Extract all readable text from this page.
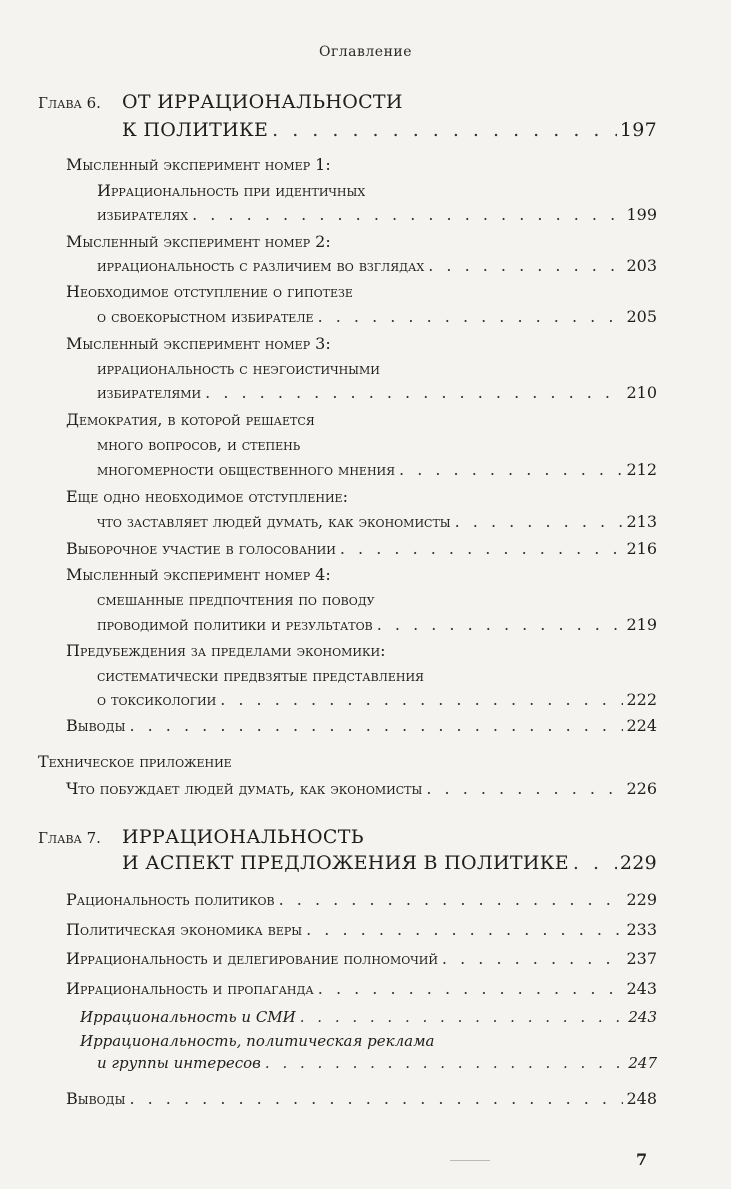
Оглавление
Глава 6. ОТ ИРРАЦИОНАЛЬНОСТИ
К ПОЛИТИКЕ . . .	197
Мысленный эксперимент номер 1:
Иррациональность при идентичных
избирателях . . .	199
Мысленный эксперимент номер 2:
иррациональность с различием во взглядах . . .	203
Необходимое отступление о гипотезе
о своекорыстном избирателе . . .	205
Мысленный эксперимент номер 3:
иррациональность с неэгоистичными
избирателями . . .	210
Демократия, в которой решается
много вопросов, и степень
многомерности общественного мнения . . .	212
Еще одно необходимое отступление:
что заставляет людей думать, как экономисты . . .	213
Выборочное участие в голосовании . . .	216
Мысленный эксперимент номер 4:
смешанные предпочтения по поводу
проводимой политики и результатов . . .	219
Предубеждения за пределами экономики:
систематически предвзятые представления
о токсикологии . . .	222
Выводы . . .	224
Техническое приложение
Что побуждает людей думать, как экономисты . . .	226
Глава 7. ИРРАЦИОНАЛЬНОСТЬ
И АСПЕКТ ПРЕДЛОЖЕНИЯ В ПОЛИТИКЕ . . .	229
Рациональность политиков . . .	229
Политическая экономика веры . . .	233
Иррациональность и делегирование полномочий . . .	237
Иррациональность и пропаганда . . .	243
Иррациональность и СМИ . . .	243
Иррациональность, политическая реклама
и группы интересов . . .	247
Выводы . . .	248
7
